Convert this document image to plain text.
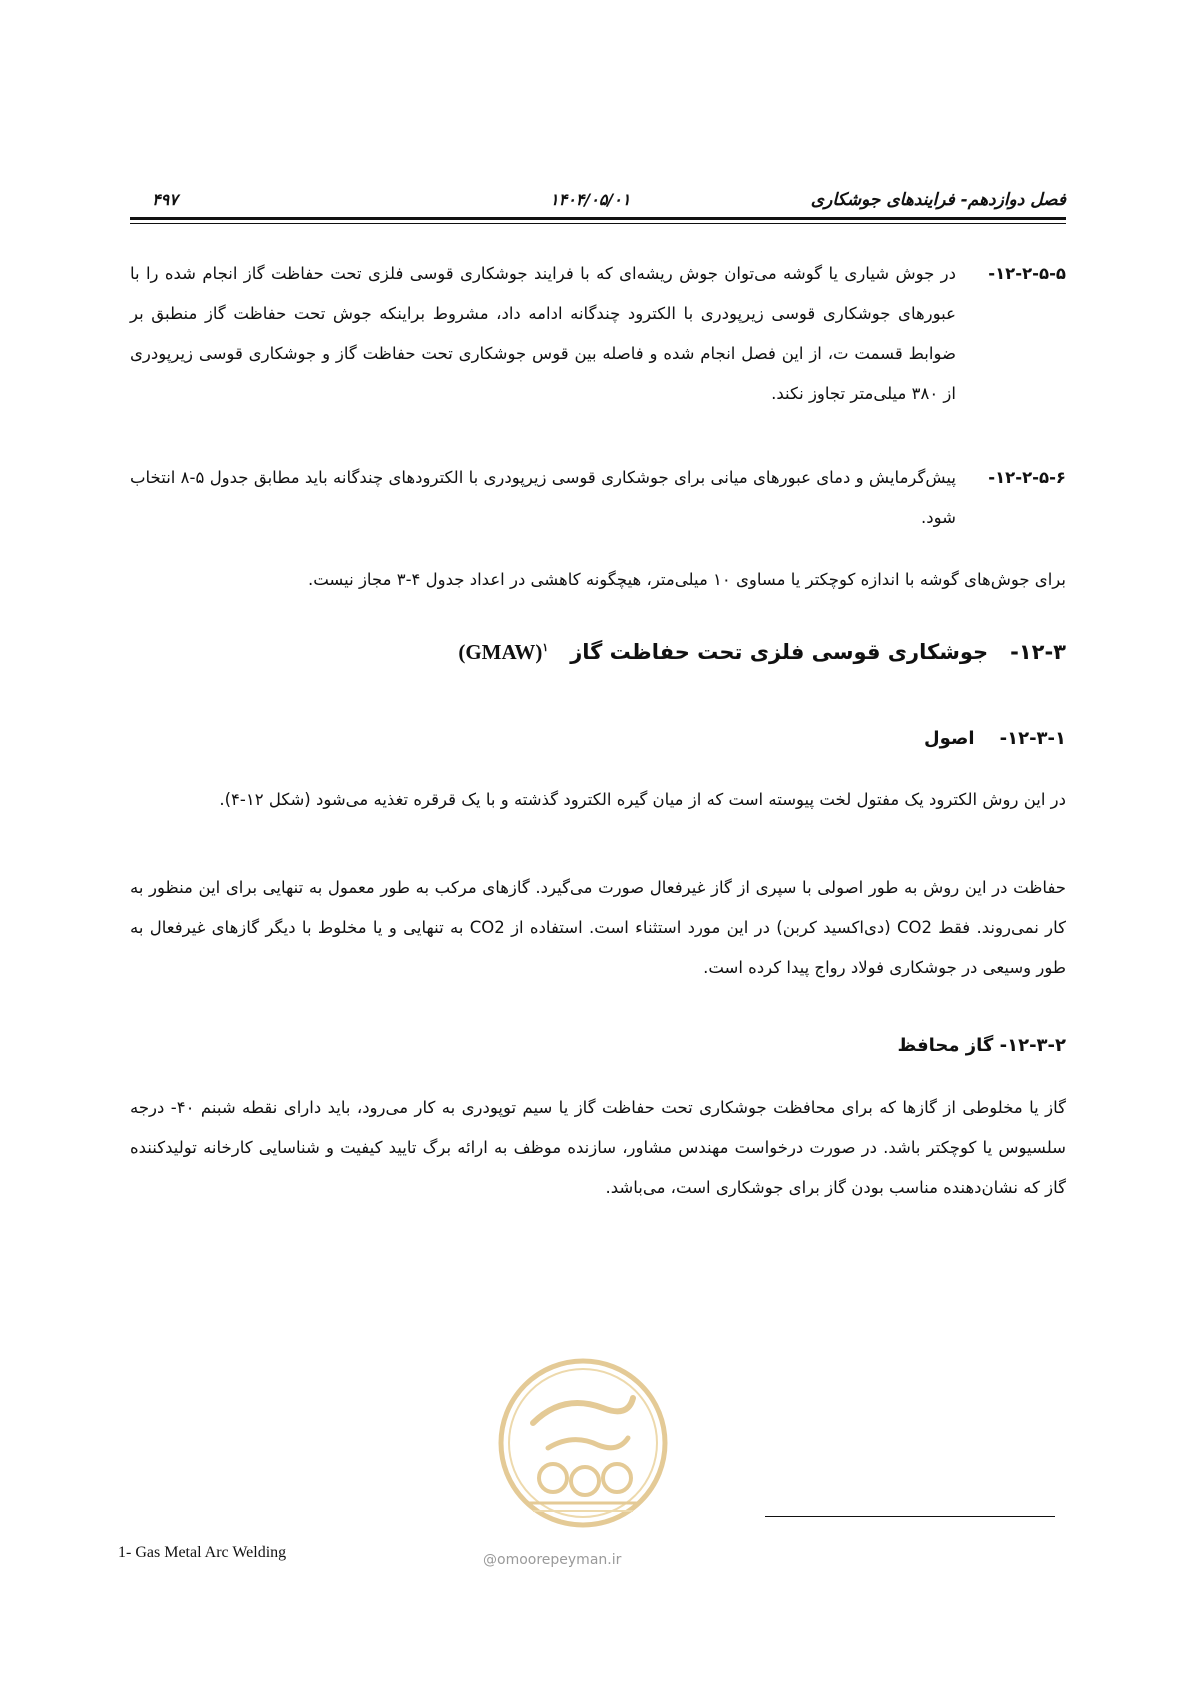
فصل دوازدهم- فرایندهای جوشکاری
۱۴۰۴/۰۵/۰۱
۴۹۷
۱۲-۲-۵-۵-
در جوش شیاری یا گوشه می‌توان جوش ریشه‌ای که با فرایند جوشکاری قوسی فلزی تحت حفاظت گاز انجام شده را با عبورهای جوشکاری قوسی زیرپودری با الکترود چندگانه ادامه داد، مشروط براینکه جوش تحت حفاظت گاز منطبق بر ضوابط قسمت ت، از این فصل انجام شده و فاصله بین قوس جوشکاری تحت حفاظت گاز و جوشکاری قوسی زیرپودری از ۳۸۰ میلی‌متر تجاوز نکند.
۱۲-۲-۵-۶-
پیش‌گرمایش و دمای عبورهای میانی برای جوشکاری قوسی زیرپودری با الکترودهای چندگانه باید مطابق جدول ۵-۸ انتخاب شود.
برای جوش‌های گوشه با اندازه کوچکتر یا مساوی ۱۰ میلی‌متر، هیچگونه کاهشی در اعداد جدول ۴-۳ مجاز نیست.
۱۲-۳-   جوشکاری قوسی فلزی تحت حفاظت گاز   (GMAW)$^۱$
۱۲-۳-۱-    اصول
در این روش الکترود یک مفتول لخت پیوسته است که از میان گیره الکترود گذشته و با یک قرقره تغذیه می‌شود (شکل ۱۲-۴).
حفاظت در این روش به طور اصولی با سپری از گاز غیرفعال صورت می‌گیرد. گازهای مرکب به طور معمول به تنهایی برای این منظور به کار نمی‌روند. فقط CO2 (دی‌اکسید کربن) در این مورد استثناء است. استفاده از CO2 به تنهایی و یا مخلوط با دیگر گازهای غیرفعال به طور وسیعی در جوشکاری فولاد رواج پیدا کرده است.
۱۲-۳-۲- گاز محافظ
گاز یا مخلوطی از گازها که برای محافظت جوشکاری تحت حفاظت گاز یا سیم توپودری به کار می‌رود، باید دارای نقطه شبنم ۴۰- درجه سلسیوس یا کوچکتر باشد. در صورت درخواست مهندس مشاور، سازنده موظف به ارائه برگ تایید کیفیت و شناسایی کارخانه تولیدکننده گاز که نشان‌دهنده مناسب بودن گاز برای جوشکاری است، می‌باشد.
@omoorepeyman.ir
1- Gas Metal Arc Welding
